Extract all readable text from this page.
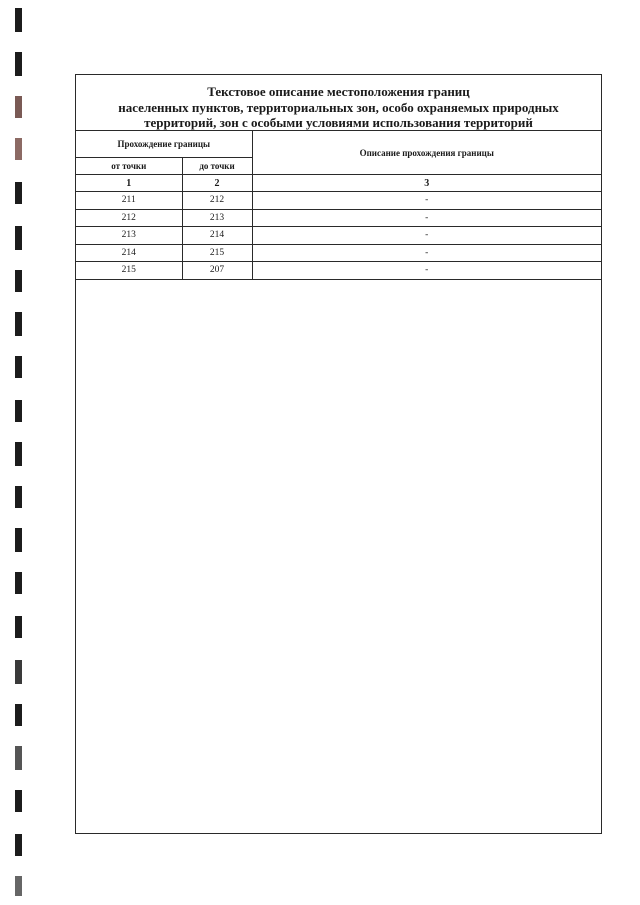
Текстовое описание местоположения границ
населенных пунктов, территориальных зон, особо охраняемых природных
территорий, зон с особыми условиями использования территорий
Прохождение границы		Описание прохождения границы
от точки	до точки	
1	2	3
211	212	-
212	213	-
213	214	-
214	215	-
215	207	-
